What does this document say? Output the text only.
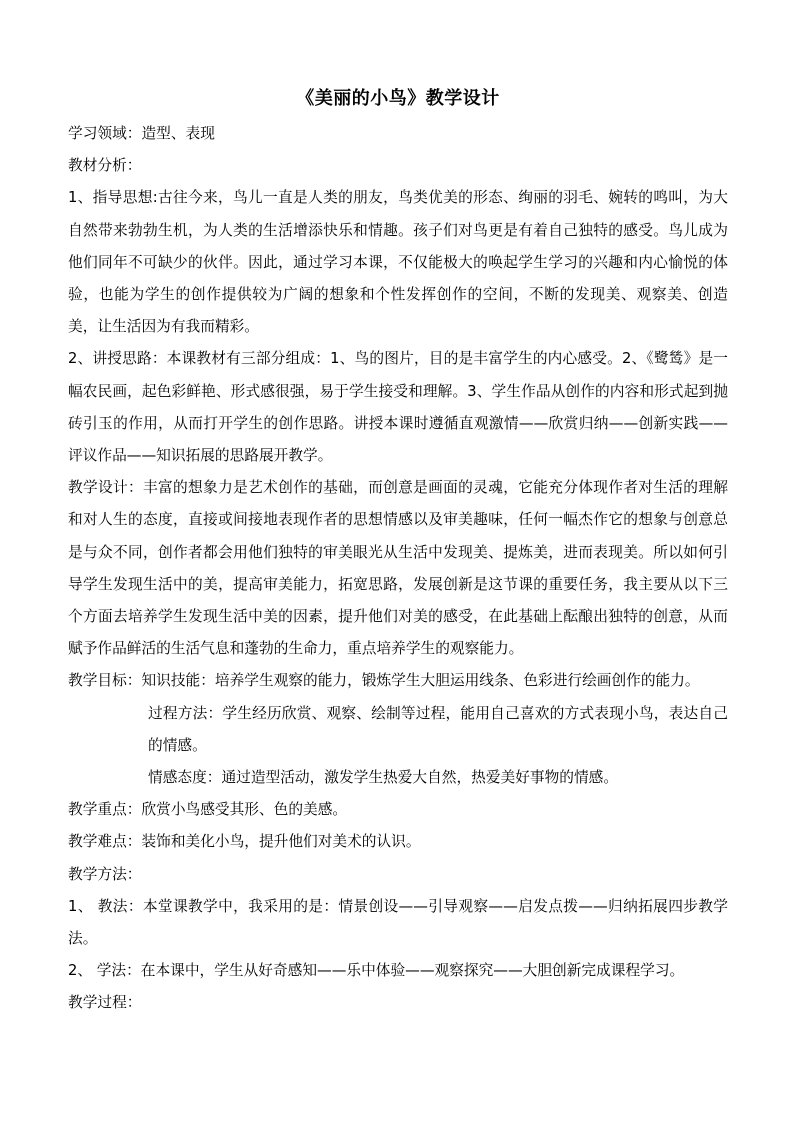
《美丽的小鸟》教学设计

学习领域：造型、表现

教材分析：

1、指导思想:古往今来，鸟儿一直是人类的朋友，鸟类优美的形态、绚丽的羽毛、婉转的鸣叫，为大自然带来勃勃生机，为人类的生活增添快乐和情趣。孩子们对鸟更是有着自己独特的感受。鸟儿成为他们同年不可缺少的伙伴。因此，通过学习本课，不仅能极大的唤起学生学习的兴趣和内心愉悦的体验，也能为学生的创作提供较为广阔的想象和个性发挥创作的空间，不断的发现美、观察美、创造美，让生活因为有我而精彩。

2、讲授思路：本课教材有三部分组成：1、鸟的图片，目的是丰富学生的内心感受。2、《鹭鸶》是一幅农民画，起色彩鲜艳、形式感很强，易于学生接受和理解。3、学生作品从创作的内容和形式起到抛砖引玉的作用，从而打开学生的创作思路。讲授本课时遵循直观激情——欣赏归纳——创新实践——评议作品——知识拓展的思路展开教学。

教学设计：丰富的想象力是艺术创作的基础，而创意是画面的灵魂，它能充分体现作者对生活的理解和对人生的态度，直接或间接地表现作者的思想情感以及审美趣味，任何一幅杰作它的想象与创意总是与众不同，创作者都会用他们独特的审美眼光从生活中发现美、提炼美，进而表现美。所以如何引导学生发现生活中的美，提高审美能力，拓宽思路，发展创新是这节课的重要任务，我主要从以下三个方面去培养学生发现生活中美的因素，提升他们对美的感受，在此基础上酝酿出独特的创意，从而赋予作品鲜活的生活气息和蓬勃的生命力，重点培养学生的观察能力。

教学目标：知识技能：培养学生观察的能力，锻炼学生大胆运用线条、色彩进行绘画创作的能力。

过程方法：学生经历欣赏、观察、绘制等过程，能用自己喜欢的方式表现小鸟，表达自己的情感。

情感态度：通过造型活动，激发学生热爱大自然，热爱美好事物的情感。

教学重点：欣赏小鸟感受其形、色的美感。

教学难点：装饰和美化小鸟，提升他们对美术的认识。

教学方法：

1、 教法：本堂课教学中，我采用的是：情景创设——引导观察——启发点拨——归纳拓展四步教学法。

2、 学法：在本课中，学生从好奇感知——乐中体验——观察探究——大胆创新完成课程学习。

教学过程：
